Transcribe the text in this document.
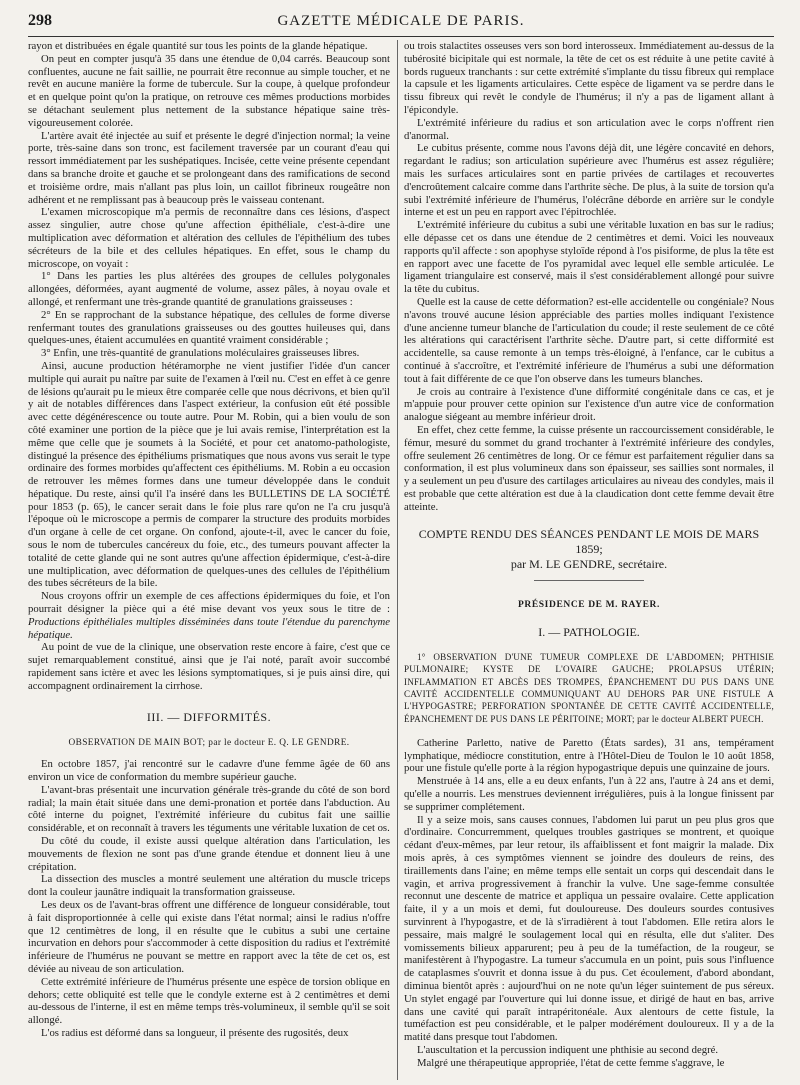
298	GAZETTE MÉDICALE DE PARIS.

rayon et distribuées en égale quantité sur tous les points de la glande hépatique.

On peut en compter jusqu'à 35 dans une étendue de 0,04 carrés. Beaucoup sont confluentes, aucune ne fait saillie, ne pourrait être reconnue au simple toucher, et ne revêt en aucune manière la forme de tubercule. Sur la coupe, à quelque profondeur et en quelque point qu'on la pratique, on retrouve ces mêmes productions morbides se détachant seulement plus nettement de la substance hépatique saine très-vigoureusement colorée.

L'artère avait été injectée au suif et présente le degré d'injection normal; la veine porte, très-saine dans son tronc, est facilement traversée par un courant d'eau qui ressort immédiatement par les sushépatiques. Incisée, cette veine présente cependant dans sa branche droite et gauche et se prolongeant dans des ramifications de second et troisième ordre, mais n'allant pas plus loin, un caillot fibrineux rougeâtre non adhérent et ne remplissant pas à beaucoup près le vaisseau contenant.

L'examen microscopique m'a permis de reconnaître dans ces lésions, d'aspect assez singulier, autre chose qu'une affection épithéliale, c'est-à-dire une multiplication avec déformation et altération des cellules de l'épithélium des tubes sécréteurs de la bile et des cellules hépatiques. En effet, sous le champ du microscope, on voyait :

1° Dans les parties les plus altérées des groupes de cellules polygonales allongées, déformées, ayant augmenté de volume, assez pâles, à noyau ovale et allongé, et renfermant une très-grande quantité de granulations graisseuses :

2° En se rapprochant de la substance hépatique, des cellules de forme diverse renfermant toutes des granulations graisseuses ou des gouttes huileuses qui, dans quelques-unes, étaient accumulées en quantité vraiment considérable ;

3° Enfin, une très-quantité de granulations moléculaires graisseuses libres.

Ainsi, aucune production hétéramorphe ne vient justifier l'idée d'un cancer multiple qui aurait pu naître par suite de l'examen à l'œil nu. C'est en effet à ce genre de lésions qu'aurait pu le mieux être comparée celle que nous décrivons, et bien qu'il y ait de notables différences dans l'aspect extérieur, la confusion eût été possible avec cette dégénérescence ou toute autre. Pour M. Robin, qui a bien voulu de son côté examiner une portion de la pièce que je lui avais remise, l'interprétation est la même que celle que je soumets à la Société, et pour cet anatomo-pathologiste, distingué la présence des épithéliums prismatiques que nous avons vus serait le type ordinaire des formes morbides qu'affectent ces épithéliums. M. Robin a eu occasion de retrouver les mêmes formes dans une tumeur développée dans le conduit hépatique. Du reste, ainsi qu'il l'a inséré dans les BULLETINS DE LA SOCIÉTÉ pour 1853 (p. 65), le cancer serait dans le foie plus rare qu'on ne l'a cru jusqu'à l'époque où le microscope a permis de comparer la structure des produits morbides d'un organe à celle de cet organe. On confond, ajoute-t-il, avec le cancer du foie, sous le nom de tubercules cancéreux du foie, etc., des tumeurs pouvant affecter la totalité de cette glande qui ne sont autres qu'une affection épidermique, c'est-à-dire une multiplication, avec déformation de quelques-unes des cellules de l'épithélium des tubes sécréteurs de la bile.

Nous croyons offrir un exemple de ces affections épidermiques du foie, et l'on pourrait désigner la pièce qui a été mise devant vos yeux sous le titre de : Productions épithéliales multiples disséminées dans toute l'étendue du parenchyme hépatique.

Au point de vue de la clinique, une observation reste encore à faire, c'est que ce sujet remarquablement constitué, ainsi que je l'ai noté, paraît avoir succombé rapidement sans ictère et avec les lésions symptomatiques, si je puis ainsi dire, qui accompagnent ordinairement la cirrhose.

III. — DIFFORMITÉS.
OBSERVATION DE MAIN BOT; par le docteur E. Q. LE GENDRE.

En octobre 1857, j'ai rencontré sur le cadavre d'une femme âgée de 60 ans environ un vice de conformation du membre supérieur gauche.

L'avant-bras présentait une incurvation générale très-grande du côté de son bord radial; la main était située dans une demi-pronation et portée dans l'abduction. Au côté interne du poignet, l'extrémité inférieure du cubitus fait une saillie considérable, et on reconnaît à travers les téguments une véritable luxation de cet os.

Du côté du coude, il existe aussi quelque altération dans l'articulation, les mouvements de flexion ne sont pas d'une grande étendue et donnent lieu à une crépitation.

La dissection des muscles a montré seulement une altération du muscle triceps dont la couleur jaunâtre indiquait la transformation graisseuse.

Les deux os de l'avant-bras offrent une différence de longueur considérable, tout à fait disproportionnée à celle qui existe dans l'état normal; ainsi le radius n'offre que 12 centimètres de long, il en résulte que le cubitus a subi une certaine incurvation en dehors pour s'accommoder à cette disposition du radius et l'extrémité inférieure de l'humérus ne pouvant se mettre en rapport avec la tête de cet os, est déviée au niveau de son articulation.

Cette extrémité inférieure de l'humérus présente une espèce de torsion oblique en dehors; cette obliquité est telle que le condyle externe est à 2 centimètres et demi au-dessous de l'interne, il est en même temps très-volumineux, il semble qu'il se soit allongé.

L'os radius est déformé dans sa longueur, il présente des rugosités, deux

ou trois stalactites osseuses vers son bord interosseux. Immédiatement au-dessus de la tubérosité bicipitale qui est normale, la tête de cet os est réduite à une petite cavité à bords rugueux tranchants : sur cette extrémité s'implante du tissu fibreux qui remplace la capsule et les ligaments articulaires. Cette espèce de ligament va se perdre dans le tissu fibreux qui revêt le condyle de l'humérus; il n'y a pas de ligament allant à l'épicondyle.

L'extrémité inférieure du radius et son articulation avec le corps n'offrent rien d'anormal.

Le cubitus présente, comme nous l'avons déjà dit, une légère concavité en dehors, regardant le radius; son articulation supérieure avec l'humérus est assez régulière; mais les surfaces articulaires sont en partie privées de cartilages et recouvertes d'encroûtement calcaire comme dans l'arthrite sèche. De plus, à la suite de torsion qu'a subi l'extrémité inférieure de l'humérus, l'olécrâne déborde en arrière sur le condyle interne et est un peu en rapport avec l'épitrochlée.

L'extrémité inférieure du cubitus a subi une véritable luxation en bas sur le radius; elle dépasse cet os dans une étendue de 2 centimètres et demi. Voici les nouveaux rapports qu'il affecte : son apophyse styloïde répond à l'os pisiforme, de plus la tête est en rapport avec une facette de l'os pyramidal avec lequel elle semble articulée. Le ligament triangulaire est conservé, mais il s'est considérablement allongé pour suivre la tête du cubitus.

Quelle est la cause de cette déformation? est-elle accidentelle ou congéniale? Nous n'avons trouvé aucune lésion appréciable des parties molles indiquant l'existence d'une ancienne tumeur blanche de l'articulation du coude; il reste seulement de ce côté les altérations qui caractérisent l'arthrite sèche. D'autre part, si cette difformité est accidentelle, sa cause remonte à un temps très-éloigné, à l'enfance, car le cubitus a continué à s'accroître, et l'extrémité inférieure de l'humérus a subi une déformation tout à fait différente de ce que l'on observe dans les tumeurs blanches.

Je crois au contraire à l'existence d'une difformité congénitale dans ce cas, et je m'appuie pour prouver cette opinion sur l'existence d'un autre vice de conformation analogue siégeant au membre inférieur droit.

En effet, chez cette femme, la cuisse présente un raccourcissement considérable, le fémur, mesuré du sommet du grand trochanter à l'extrémité inférieure des condyles, offre seulement 26 centimètres de long. Or ce fémur est parfaitement régulier dans sa conformation, il est plus volumineux dans son épaisseur, ses saillies sont normales, il y a seulement un peu d'usure des cartilages articulaires au niveau des condyles, mais il est probable que cette altération est due à la claudication dont cette femme devait être atteinte.

COMPTE RENDU DES SÉANCES PENDANT LE MOIS DE MARS 1859;
par M. LE GENDRE, secrétaire.
PRÉSIDENCE DE M. RAYER.
I. — PATHOLOGIE.
1° OBSERVATION D'UNE TUMEUR COMPLEXE DE L'ABDOMEN; PHTHISIE PULMONAIRE; KYSTE DE L'OVAIRE GAUCHE; PROLAPSUS UTÉRIN; INFLAMMATION ET ABCÈS DES TROMPES, ÉPANCHEMENT DU PUS DANS UNE CAVITÉ ACCIDENTELLE COMMUNIQUANT AU DEHORS PAR UNE FISTULE A L'HYPOGASTRE; PERFORATION SPONTANÉE DE CETTE CAVITÉ ACCIDENTELLE, ÉPANCHEMENT DE PUS DANS LE PÉRITOINE; MORT; par le docteur ALBERT PUECH.

Catherine Parletto, native de Paretto (États sardes), 31 ans, tempérament lymphatique, médiocre constitution, entre à l'Hôtel-Dieu de Toulon le 10 août 1858, pour une fistule qu'elle porte à la région hypogastrique depuis une quinzaine de jours.

Menstruée à 14 ans, elle a eu deux enfants, l'un à 22 ans, l'autre à 24 ans et demi, qu'elle a nourris. Les menstrues deviennent irrégulières, puis à la longue finissent par se supprimer complétement.

Il y a seize mois, sans causes connues, l'abdomen lui parut un peu plus gros que d'ordinaire. Concurremment, quelques troubles gastriques se montrent, et quoique cédant d'eux-mêmes, par leur retour, ils affaiblissent et font maigrir la malade. Dix mois après, à ces symptômes viennent se joindre des douleurs de reins, des tiraillements dans l'aine; en même temps elle sentait un corps qui descendait dans le vagin, et arriva progressivement à franchir la vulve. Une sage-femme consultée reconnut une descente de matrice et appliqua un pessaire ovalaire. Cette application faite, il y a un mois et demi, fut douloureuse. Des douleurs sourdes contusives survinrent à l'hypogastre, et de là s'irradièrent à tout l'abdomen. Elle retira alors le pessaire, mais malgré le soulagement local qui en résulta, elle dut s'aliter. Des vomissements bilieux apparurent; peu à peu de la tuméfaction, de la rougeur, se manifestèrent à l'hypogastre. La tumeur s'accumula en un point, puis sous l'influence de cataplasmes s'ouvrit et donna issue à du pus. Cet écoulement, d'abord abondant, diminua bientôt après : aujourd'hui on ne note qu'un léger suintement de pus séreux. Un stylet engagé par l'ouverture qui lui donne issue, et dirigé de haut en bas, arrive dans une cavité qui paraît intrapéritonéale. Aux alentours de cette fistule, la tuméfaction est peu considérable, et le palper modérément douloureux. Il y a de la matité dans presque tout l'abdomen.

L'auscultation et la percussion indiquent une phthisie au second degré.

Malgré une thérapeutique appropriée, l'état de cette femme s'aggrave, le
